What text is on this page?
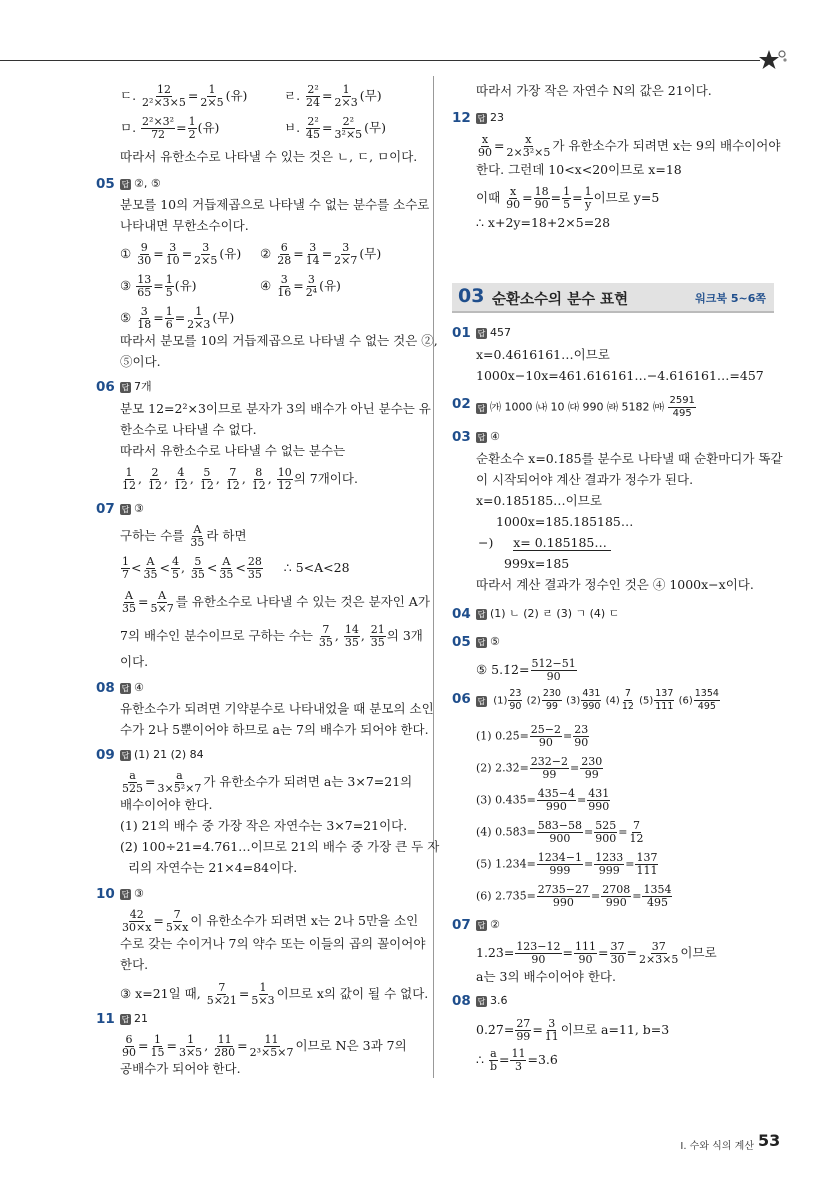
ㄷ. $\frac{12}{\text{2²×3×5}} = \frac{1}{2\times 5}$ (유)	ㄹ. $\frac{\text{2²}}{24} = \frac{1}{2\times 3}$ (무)
ㅁ. $\frac{\text{2²×3²}}{72} = \frac{1}{2}$ (유)	ㅂ. $\frac{\text{2²}}{45} = \frac{\text{2²}}{\text{3²×5}}$ (무)
따라서 유한소수로 나타낼 수 있는 것은 ㄴ, ㄷ, ㅁ이다.
05 답 ②, ⑤
분모를 10의 거듭제곱으로 나타낼 수 없는 분수를 소수로
나타내면 무한소수이다.
① $\frac{9}{30} = \frac{3}{10} = \frac{3}{2\times 5}$ (유)	② $\frac{6}{28} = \frac{3}{14} = \frac{3}{2\times 7}$ (무)
③ $\frac{13}{65} = \frac{1}{5}$ (유)	④ $\frac{3}{16} = \frac{3}{\text{2⁴}}$ (유)
⑤ $\frac{3}{18} = \frac{1}{6} = \frac{1}{2\times 3}$ (무)
따라서 분모를 10의 거듭제곱으로 나타낼 수 없는 것은 ②,
⑤이다.
06 답 7개
분모 12=2²×3이므로 분자가 3의 배수가 아닌 분수는 유
한소수로 나타낼 수 없다.
따라서 유한소수로 나타낼 수 없는 분수는
$\frac{1}{12}$ , $\frac{2}{12}$ , $\frac{4}{12}$ , $\frac{5}{12}$ , $\frac{7}{12}$ , $\frac{8}{12}$ , $\frac{10}{12}$ 의 7개이다.
07 답 ③
구하는 수를 $\frac{A}{35}$ 라 하면
$\frac{1}{7} < \frac{A}{35} < \frac{4}{5}$ , $\frac{5}{35} < \frac{A}{35} < \frac{28}{35}$ ∴ 5<A<28
$\frac{A}{35} = \frac{A}{5\times 7}$ 를 유한소수로 나타낼 수 있는 것은 분자인 A가
7의 배수인 분수이므로 구하는 수는 $\frac{7}{35}$ , $\frac{14}{35}$ , $\frac{21}{35}$ 의 3개
이다.
08 답 ④
유한소수가 되려면 기약분수로 나타내었을 때 분모의 소인
수가 2나 5뿐이어야 하므로 a는 7의 배수가 되어야 한다.
09 답 (1) 21 (2) 84
$\frac{a}{525} = \frac{a}{\text{3×5²×7}}$ 가 유한소수가 되려면 a는 3×7=21의
배수이어야 한다.
(1) 21의 배수 중 가장 작은 자연수는 3×7=21이다.
(2) 100÷21=4.761…이므로 21의 배수 중 가장 큰 두 자
리의 자연수는 21×4=84이다.
10 답 ③
$\frac{42}{30\times x} = \frac{7}{5\times x}$ 이 유한소수가 되려면 x는 2나 5만을 소인
수로 갖는 수이거나 7의 약수 또는 이들의 곱의 꼴이어야
한다.
③ x=21일 때, $\frac{7}{5\times 21} = \frac{1}{5\times 3}$ 이므로 x의 값이 될 수 없다.
11 답 21
$\frac{6}{90} = \frac{1}{15} = \frac{1}{3\times 5}$ , $\frac{11}{280} = \frac{11}{\text{2³×5×7}}$ 이므로 N은 3과 7의
공배수가 되어야 한다.
따라서 가장 작은 자연수 N의 값은 21이다.
12 답 23
$\frac{x}{90} = \frac{x}{\text{2×3²×5}}$ 가 유한소수가 되려면 x는 9의 배수이어야
한다. 그런데 10<x<20이므로 x=18
이때 $\frac{x}{90} = \frac{18}{90} = \frac{1}{5} = \frac{1}{y}$ 이므로 y=5
∴ x+2y=18+2×5=28
01 답 457
x=0.4616161…이므로
1000x−10x=461.616161…−4.616161…=457
02 답 ㈎ 1000 ㈏ 10 ㈐ 990 ㈑ 5182 ㈒ $\frac{2591}{495}$
03 답 ④
순환소수 x=0.1̇85̇를 분수로 나타낼 때 순환마디가 똑같
이 시작되어야 계산 결과가 정수가 된다.
x=0.185185…이므로
1000x=185.185185…
−) x= 0.185185…
999x=185
따라서 계산 결과가 정수인 것은 ④ 1000x−x이다.
04 답 (1) ㄴ (2) ㄹ (3) ㄱ (4) ㄷ
05 답 ⑤
⑤ 5.1̇2̇= $\frac{512-51}{90}$
06 답 $(1) \frac{23}{90} (2) \frac{230}{99} (3) \frac{431}{990} (4) \frac{7}{12} (5) \frac{137}{111} (6) \frac{1354}{495}$
(1) 0.2̇5̇= $\frac{25-2}{90} = \frac{23}{90}$
(2) 2.3̇2̇= $\frac{232-2}{99} = \frac{230}{99}$
(3) 0.43̇5̇= $\frac{435-4}{990} = \frac{431}{990}$
(4) 0.58̇3̇= $\frac{583-58}{900} = \frac{525}{900} = \frac{7}{12}$
(5) 1.2̇34̇= $\frac{1234-1}{999} = \frac{1233}{999} = \frac{137}{111}$
(6) 2.73̇5̇= $\frac{2735-27}{990} = \frac{2708}{990} = \frac{1354}{495}$
07 답 ②
1.23̇= $\frac{123-12}{90} = \frac{111}{90} = \frac{37}{30} = \frac{37}{2\times 3\times 5}$ 이므로
a는 3의 배수이어야 한다.
08 답 3.6̇
0.2̇7̇= $\frac{27}{99} = \frac{3}{11}$ 이므로 a=11, b=3
∴ $\frac{a}{b} = \frac{11}{3}$ =3.6̇
03 순환소수의 분수 표현	워크북 5~6쪽
Ⅰ. 수와 식의 계산 53
